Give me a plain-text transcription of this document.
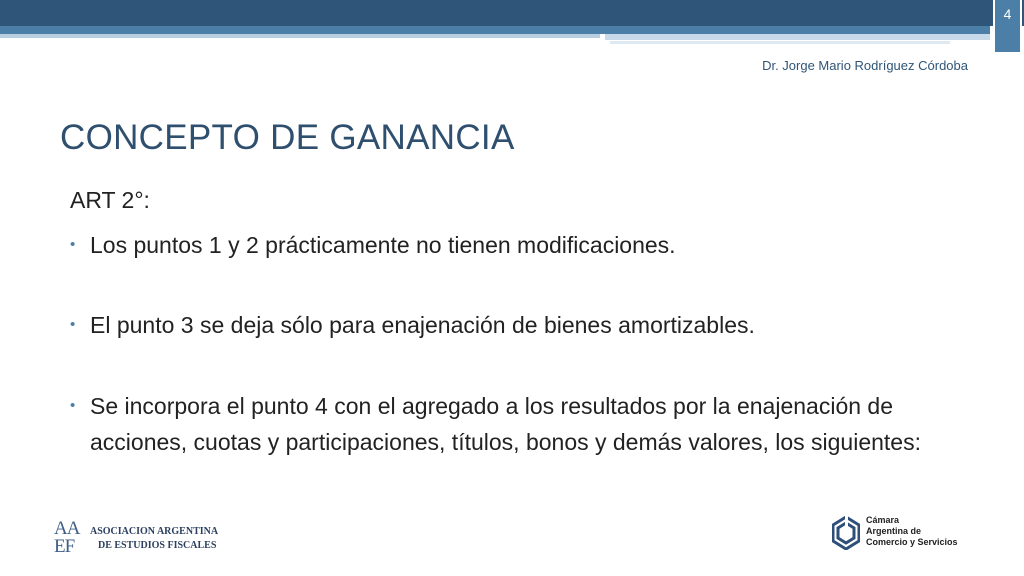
4
Dr. Jorge Mario Rodríguez Córdoba
CONCEPTO DE GANANCIA
ART 2°:
• Los puntos 1 y 2 prácticamente no tienen modificaciones.
• El punto 3 se deja sólo para enajenación de bienes amortizables.
• Se incorpora el punto 4 con el agregado a los resultados por la enajenación de acciones, cuotas y participaciones, títulos, bonos y demás valores, los siguientes:
AA EF
ASOCIACION ARGENTINA
DE ESTUDIOS FISCALES
Cámara
Argentina de
Comercio y Servicios
